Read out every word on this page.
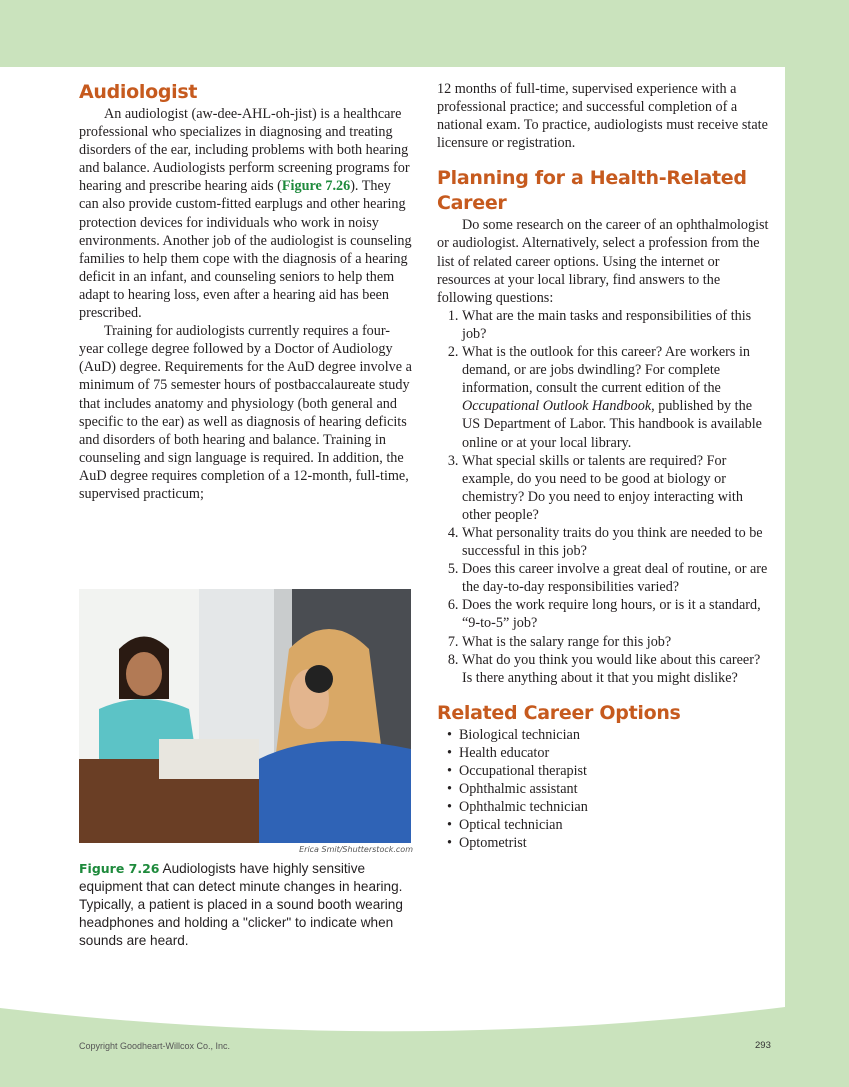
Audiologist

An audiologist (aw-dee-AHL-oh-jist) is a healthcare professional who specializes in diagnosing and treating disorders of the ear, including problems with both hearing and balance. Audiologists perform screening programs for hearing and prescribe hearing aids (Figure 7.26). They can also provide custom-fitted earplugs and other hearing protection devices for individuals who work in noisy environments. Another job of the audiologist is counseling families to help them cope with the diagnosis of a hearing deficit in an infant, and counseling seniors to help them adapt to hearing loss, even after a hearing aid has been prescribed.

Training for audiologists currently requires a four-year college degree followed by a Doctor of Audiology (AuD) degree. Requirements for the AuD degree involve a minimum of 75 semester hours of postbaccalaureate study that includes anatomy and physiology (both general and specific to the ear) as well as diagnosis of hearing deficits and disorders of both hearing and balance. Training in counseling and sign language is required. In addition, the AuD degree requires completion of a 12-month, full-time, supervised practicum;

Erica Smit/Shutterstock.com
Figure 7.26 Audiologists have highly sensitive equipment that can detect minute changes in hearing. Typically, a patient is placed in a sound booth wearing headphones and holding a "clicker" to indicate when sounds are heard.

12 months of full-time, supervised experience with a professional practice; and successful completion of a national exam. To practice, audiologists must receive state licensure or registration.

Planning for a Health-Related Career

Do some research on the career of an ophthalmologist or audiologist. Alternatively, select a profession from the list of related career options. Using the internet or resources at your local library, find answers to the following questions:

1. What are the main tasks and responsibilities of this job?
2. What is the outlook for this career? Are workers in demand, or are jobs dwindling? For complete information, consult the current edition of the Occupational Outlook Handbook, published by the US Department of Labor. This handbook is available online or at your local library.
3. What special skills or talents are required? For example, do you need to be good at biology or chemistry? Do you need to enjoy interacting with other people?
4. What personality traits do you think are needed to be successful in this job?
5. Does this career involve a great deal of routine, or are the day-to-day responsibilities varied?
6. Does the work require long hours, or is it a standard, “9-to-5” job?
7. What is the salary range for this job?
8. What do you think you would like about this career? Is there anything about it that you might dislike?
Related Career Options
• Biological technician
• Health educator
• Occupational therapist
• Ophthalmic assistant
• Ophthalmic technician
• Optical technician
• Optometrist
Copyright Goodheart-Willcox Co., Inc.	293
